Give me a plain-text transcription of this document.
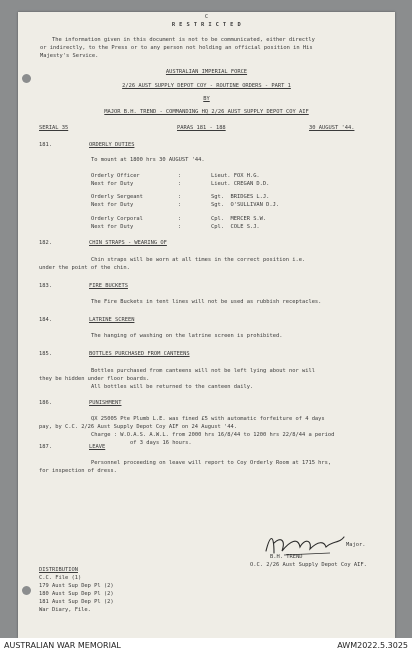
C
R E S T R I C T E D
The information given in this document is not to be communicated, either directly
or indirectly, to the Press or to any person not holding an official position in His
Majesty's Service.
AUSTRALIAN IMPERIAL FORCE
2/26 AUST SUPPLY DEPOT COY - ROUTINE ORDERS - PART 1
BY
MAJOR B.H. TREND - COMMANDING HQ 2/26 AUST SUPPLY DEPOT COY AIF
SERIAL 35	PARAS 181 - 188	30 AUGUST '44.
181.	ORDERLY DUTIES
To mount at 1800 hrs 30 AUGUST '44.
Orderly Officer	:	Lieut. FOX H.G.
Next for Duty	:	Lieut. CREGAN D.D.
Orderly Sergeant	:	Sgt.  BRIDGES L.J.
Next for Duty	:	Sgt.  O'SULLIVAN D.J.
Orderly Corporal	:	Cpl.  MERCER S.W.
Next for Duty	:	Cpl.  COLE S.J.
182.	CHIN STRAPS - WEARING OF
Chin straps will be worn at all times in the correct position i.e.
under the point of the chin.
183.	FIRE BUCKETS
The Fire Buckets in tent lines will not be used as rubbish receptacles.
184.	LATRINE SCREEN
The hanging of washing on the latrine screen is prohibited.
185.	BOTTLES PURCHASED FROM CANTEENS
Bottles purchased from canteens will not be left lying about nor will
they be hidden under floor boards.
All bottles will be returned to the canteen daily.
186.	PUNISHMENT
QX 25005 Pte Plumb L.E. was fined £5 with automatic forfeiture of 4 days
pay, by C.C. 2/26 Aust Supply Depot Coy AIF on 24 August '44.
Charge : W.O.A.S. A.W.L. from 2000 hrs 16/8/44 to 1200 hrs 22/8/44 a period
of 3 days 16 hours.
187.	LEAVE
Personnel proceeding on leave will report to Coy Orderly Room at 1715 hrs,
for inspection of dress.
Major.
B.H. TREND
O.C. 2/26 Aust Supply Depot Coy AIF.
DISTRIBUTION
C.C. File (1)
179 Aust Sup Dep Pl (2)
180 Aust Sup Dep Pl (2)
181 Aust Sup Dep Pl (2)
War Diary, File.
AUSTRALIAN WAR MEMORIAL	AWM2022.5.3025
